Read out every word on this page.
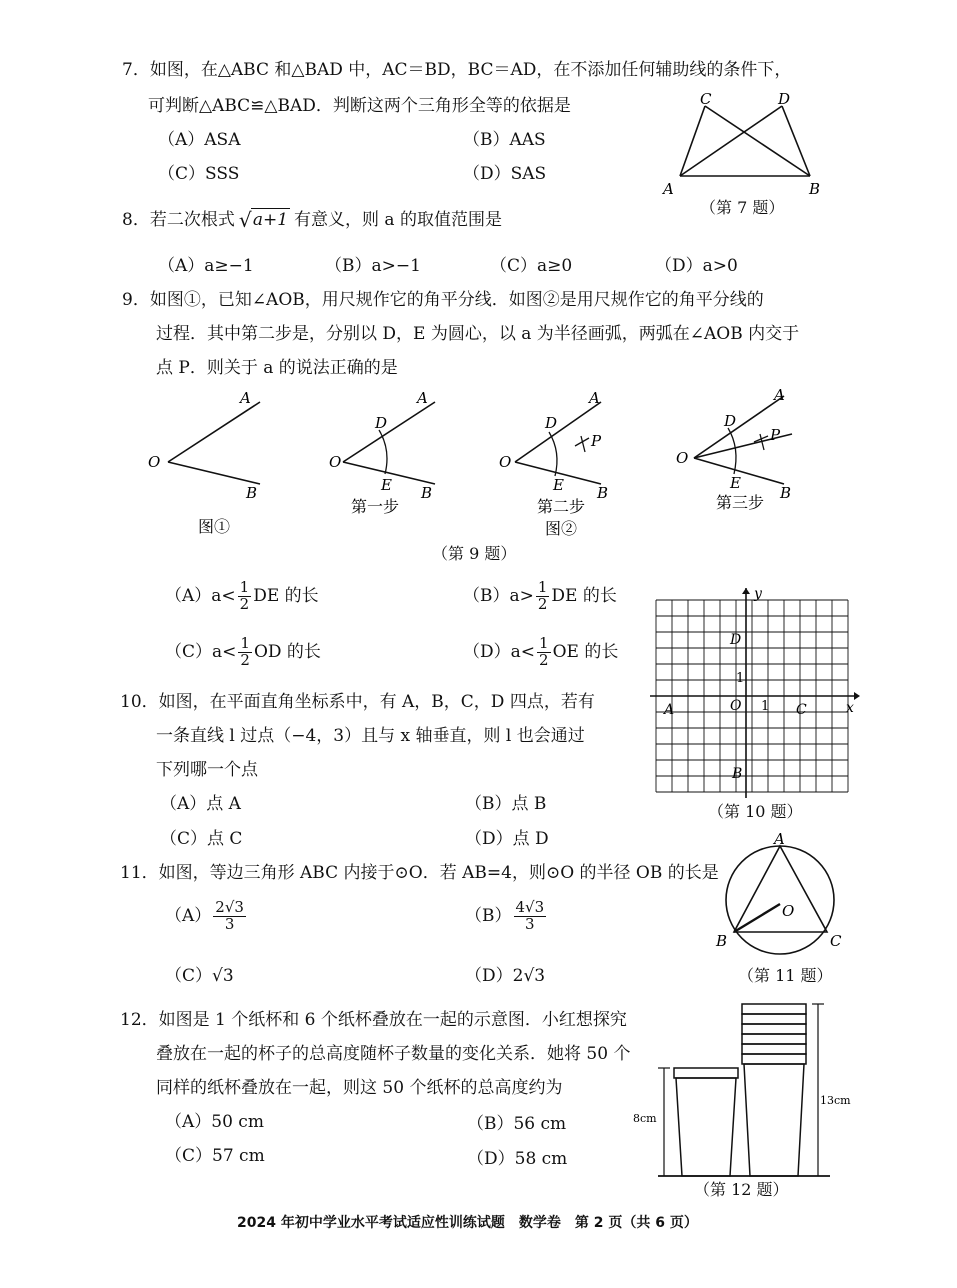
7．如图，在△ABC 和△BAD 中，AC＝BD，BC＝AD，在不添加任何辅助线的条件下，
可判断△ABC≌△BAD．判断这两个三角形全等的依据是
（A）ASA	（B）AAS
（C）SSS	（D）SAS
C	D
A	B
（第 7 题）
8．若二次根式 √ a+1 有意义，则 a 的取值范围是
（A）a≥−1	（B）a>−1	（C）a≥0	（D）a>0
9．如图①，已知∠AOB，用尺规作它的角平分线．如图②是用尺规作它的角平分线的
过程．其中第二步是，分别以 D，E 为圆心，以 a 为半径画弧，两弧在∠AOB 内交于
点 P．则关于 a 的说法正确的是
O
A
B
图①
O
A
B
D
E
第一步
O
A
B
D
E
P
第二步
图②
O
A
B
D
E
P
第三步
（第 9 题）
$(A)a< \frac{1}{2}$ DE 的长	$(B)a> \frac{1}{2}$ DE 的长
$(C)a< \frac{1}{2}$ OD 的长	$(D)a< \frac{1}{2}$ OE 的长
10．如图，在平面直角坐标系中，有 A，B，C，D 四点，若有
一条直线 l 过点（−4，3）且与 x 轴垂直，则 l 也会通过
下列哪一个点
（A）点 A	（B）点 B
（C）点 C	（D）点 D
x
y
O 1
1
A
B
C
D
（第 10 题）
11．如图，等边三角形 ABC 内接于⊙O．若 AB=4，则⊙O 的半径 OB 的长是
$(A) \frac{2√3}{3}$	$(B) \frac{4√3}{3}$
（C）√3	（D）2√3
A
B	C
O
（第 11 题）
12．如图是 1 个纸杯和 6 个纸杯叠放在一起的示意图．小红想探究
叠放在一起的杯子的总高度随杯子数量的变化关系．她将 50 个
同样的纸杯叠放在一起，则这 50 个纸杯的总高度约为
（A）50 cm	（B）56 cm
（C）57 cm	（D）58 cm
8cm
13cm
（第 12 题）
2024 年初中学业水平考试适应性训练试题　数学卷　第 2 页（共 6 页）
